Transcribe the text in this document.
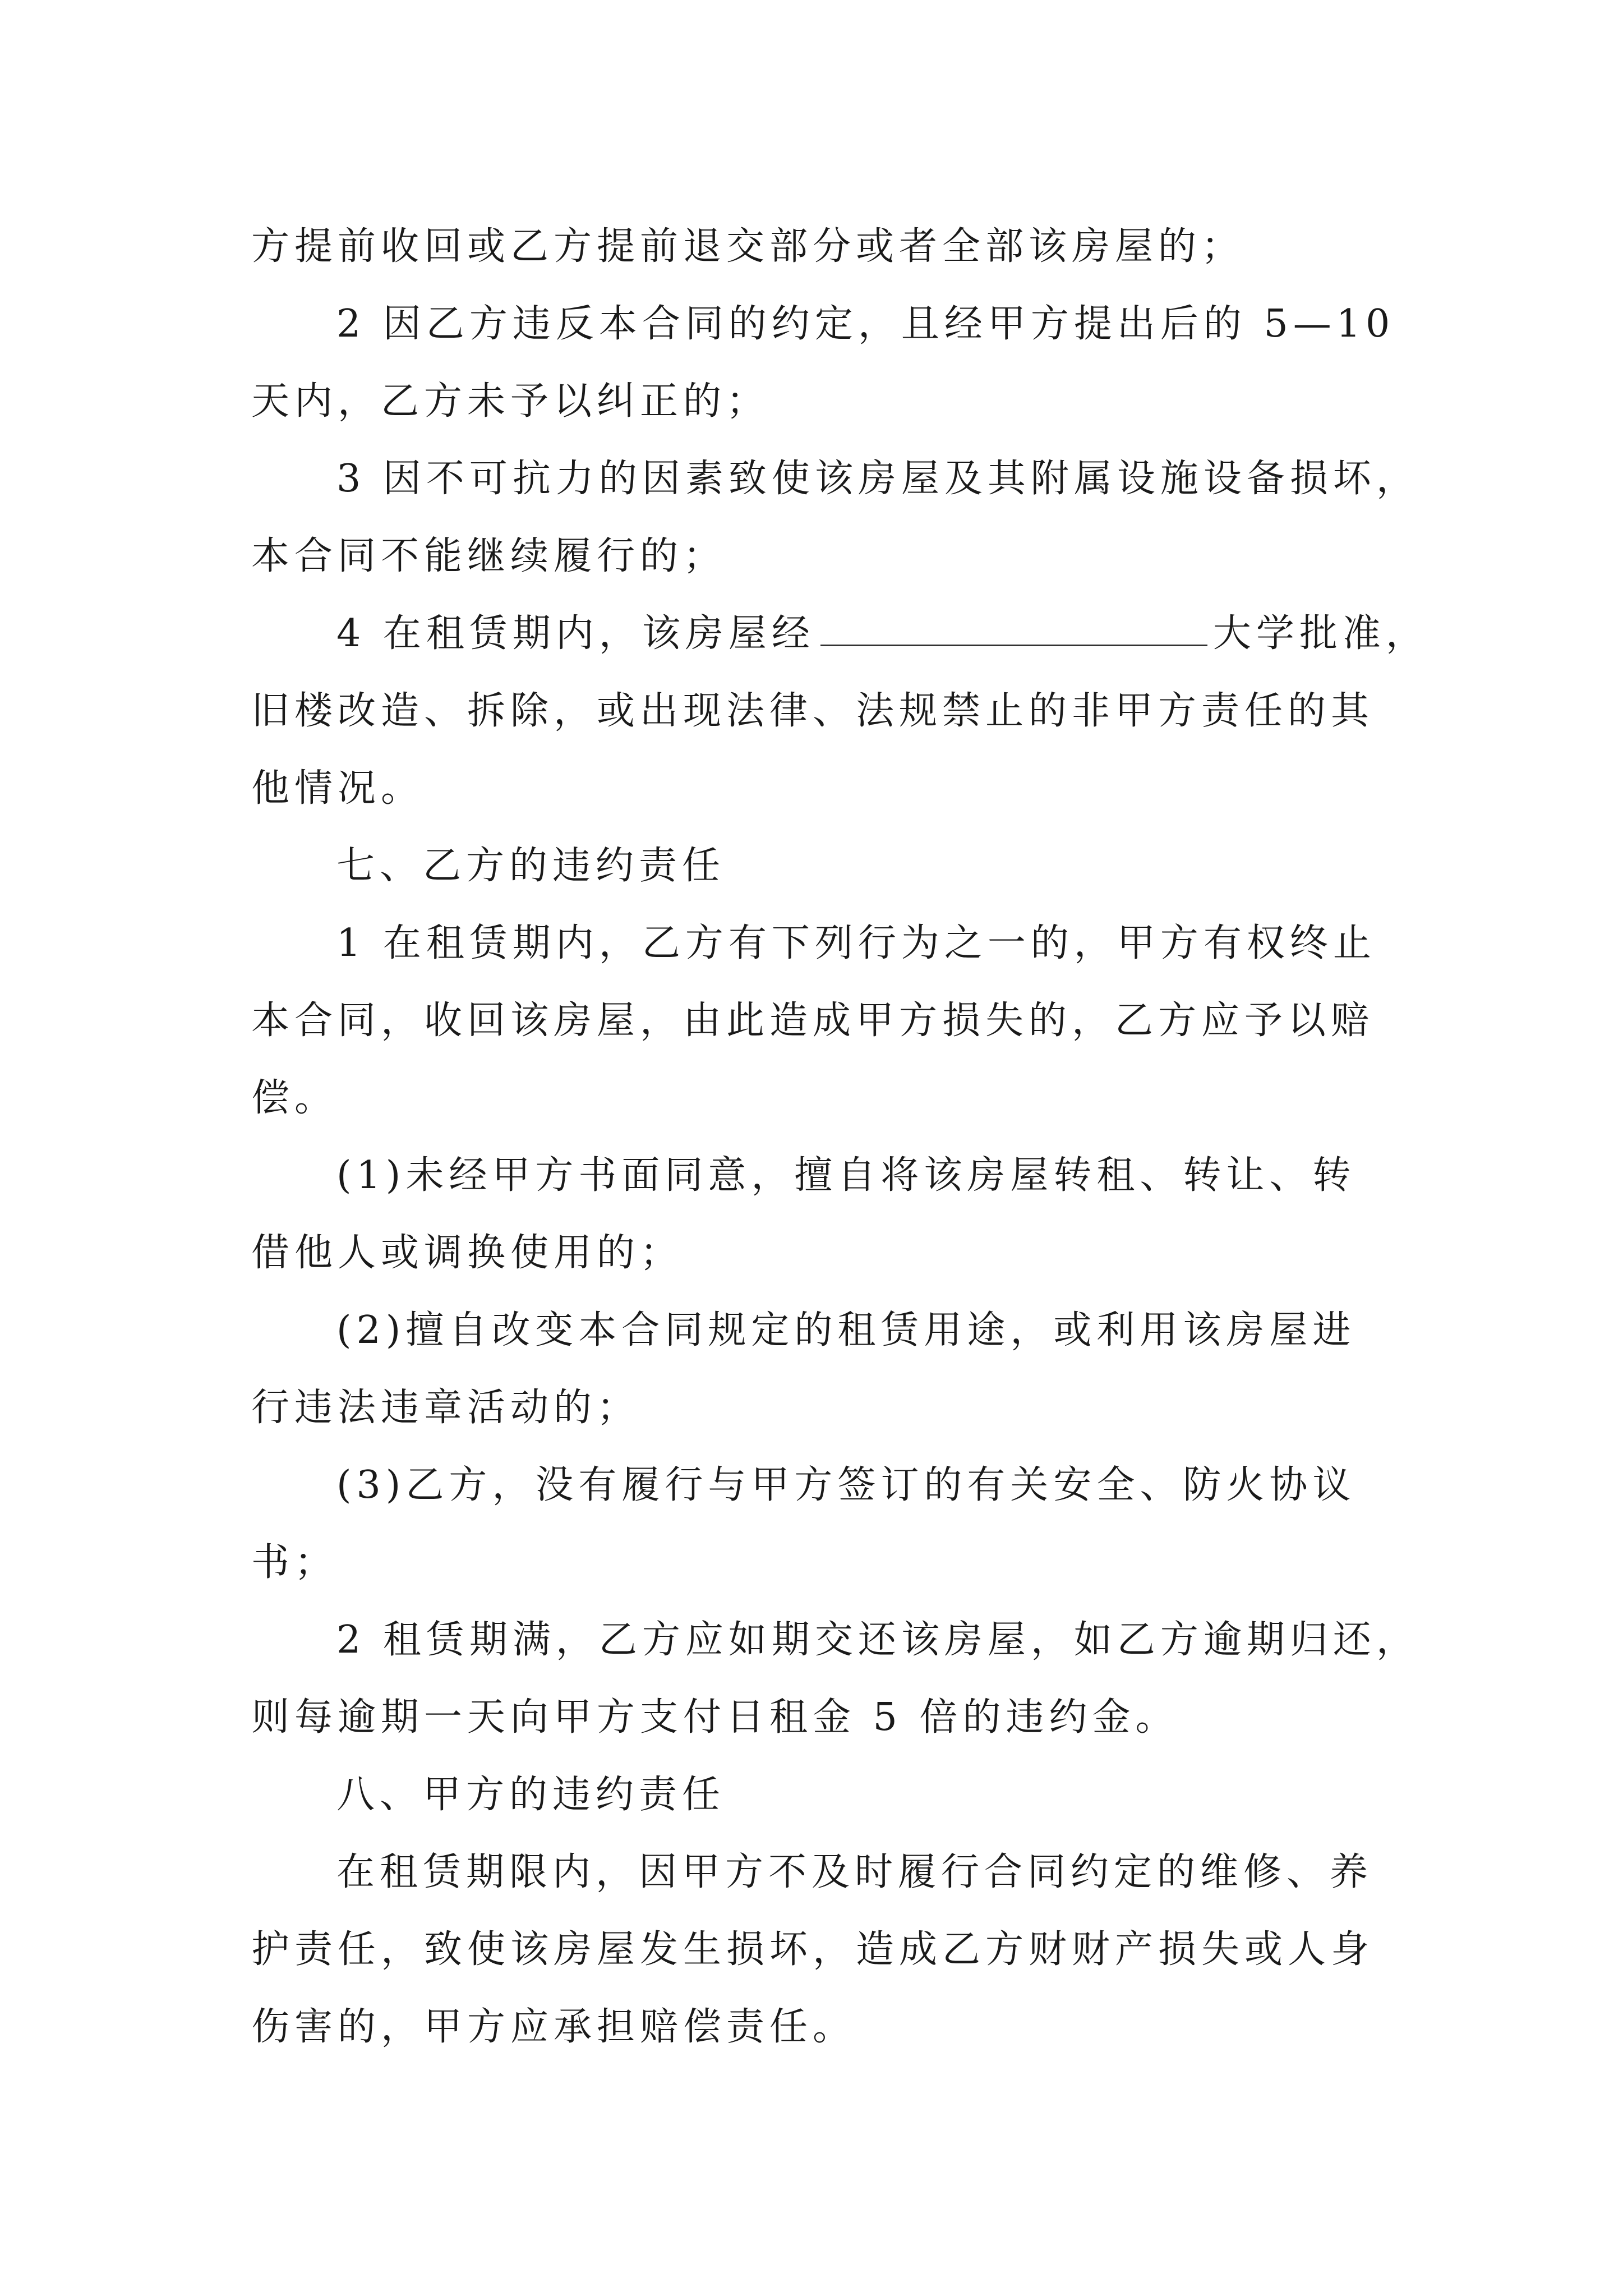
方提前收回或乙方提前退交部分或者全部该房屋的；
2 因乙方违反本合同的约定，且经甲方提出后的 5—10
天内，乙方未予以纠正的；
3 因不可抗力的因素致使该房屋及其附属设施设备损坏，
本合同不能继续履行的；
4 在租赁期内，该房屋经	大学批准，
旧楼改造、拆除，或出现法律、法规禁止的非甲方责任的其
他情况。
七、乙方的违约责任
1 在租赁期内，乙方有下列行为之一的，甲方有权终止
本合同，收回该房屋，由此造成甲方损失的，乙方应予以赔
偿。
(1)未经甲方书面同意，擅自将该房屋转租、转让、转
借他人或调换使用的；
(2)擅自改变本合同规定的租赁用途，或利用该房屋进
行违法违章活动的；
(3)乙方，没有履行与甲方签订的有关安全、防火协议
书；
2 租赁期满，乙方应如期交还该房屋，如乙方逾期归还，
则每逾期一天向甲方支付日租金 5 倍的违约金。
八、甲方的违约责任
在租赁期限内，因甲方不及时履行合同约定的维修、养
护责任，致使该房屋发生损坏，造成乙方财财产损失或人身
伤害的，甲方应承担赔偿责任。
